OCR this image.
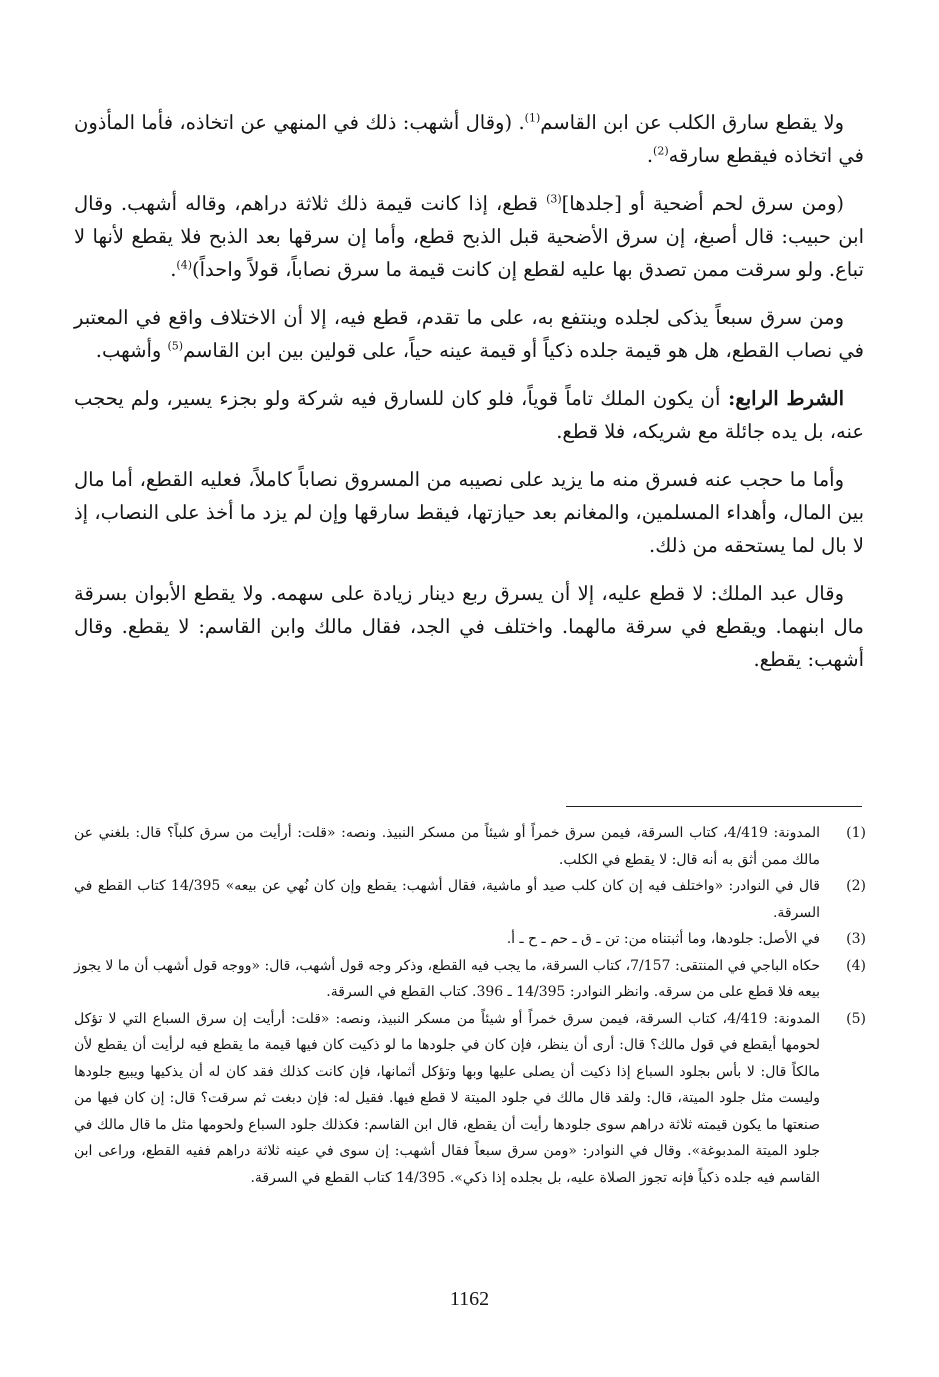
ولا يقطع سارق الكلب عن ابن القاسم$^{(1)}$. (وقال أشهب: ذلك في المنهي عن اتخاذه، فأما المأذون في اتخاذه فيقطع سارقه$^{(2)}$.

(ومن سرق لحم أضحية أو [جلدها]$^{(3)}$ قطع، إذا كانت قيمة ذلك ثلاثة دراهم، وقاله أشهب. وقال ابن حبيب: قال أصبغ، إن سرق الأضحية قبل الذبح قطع، وأما إن سرقها بعد الذبح فلا يقطع لأنها لا تباع. ولو سرقت ممن تصدق بها عليه لقطع إن كانت قيمة ما سرق نصاباً، قولاً واحداً)$^{(4)}$.

ومن سرق سبعاً يذكى لجلده وينتفع به، على ما تقدم، قطع فيه، إلا أن الاختلاف واقع في المعتبر في نصاب القطع، هل هو قيمة جلده ذكياً أو قيمة عينه حياً، على قولين بين ابن القاسم$^{(5)}$ وأشهب.

الشرط الرابع: أن يكون الملك تاماً قوياً، فلو كان للسارق فيه شركة ولو بجزء يسير، ولم يحجب عنه، بل يده جائلة مع شريكه، فلا قطع.

وأما ما حجب عنه فسرق منه ما يزيد على نصيبه من المسروق نصاباً كاملاً، فعليه القطع، أما مال بين المال، وأهداء المسلمين، والمغانم بعد حيازتها، فيقط سارقها وإن لم يزد ما أخذ على النصاب، إذ لا بال لما يستحقه من ذلك.

وقال عبد الملك: لا قطع عليه، إلا أن يسرق ربع دينار زيادة على سهمه. ولا يقطع الأبوان بسرقة مال ابنهما. ويقطع في سرقة مالهما. واختلف في الجد، فقال مالك وابن القاسم: لا يقطع. وقال أشهب: يقطع.

(1)
المدونة: 4/419، كتاب السرقة، فيمن سرق خمراً أو شيئاً من مسكر النبيذ. ونصه: «قلت: أرأيت من سرق كلباً؟ قال: بلغني عن مالك ممن أثق به أنه قال: لا يقطع في الكلب.
(2)
قال في النوادر: «واختلف فيه إن كان كلب صيد أو ماشية، فقال أشهب: يقطع وإن كان نُهي عن بيعه» 14/395 كتاب القطع في السرقة.
(3)
في الأصل: جلودها، وما أثبتناه من: تن ـ ق ـ حم ـ ح ـ أ.
(4)
حكاه الباجي في المنتقى: 7/157، كتاب السرقة، ما يجب فيه القطع، وذكر وجه قول أشهب، قال: «ووجه قول أشهب أن ما لا يجوز بيعه فلا قطع على من سرقه. وانظر النوادر: 14/395 ـ 396. كتاب القطع في السرقة.
(5)
المدونة: 4/419، كتاب السرقة، فيمن سرق خمراً أو شيئاً من مسكر النبيذ، ونصه: «قلت: أرأيت إن سرق السباع التي لا تؤكل لحومها أيقطع في قول مالك؟ قال: أرى أن ينظر، فإن كان في جلودها ما لو ذكيت كان فيها قيمة ما يقطع فيه لرأيت أن يقطع لأن مالكاً قال: لا بأس بجلود السباع إذا ذكيت أن يصلى عليها وبها وتؤكل أثمانها، فإن كانت كذلك فقد كان له أن يذكيها ويبيع جلودها وليست مثل جلود الميتة، قال: ولقد قال مالك في جلود الميتة لا قطع فيها. فقيل له: فإن دبغت ثم سرقت؟ قال: إن كان فيها من صنعتها ما يكون قيمته ثلاثة دراهم سوى جلودها رأيت أن يقطع، قال ابن القاسم: فكذلك جلود السباع ولحومها مثل ما قال مالك في جلود الميتة المدبوغة». وقال في النوادر: «ومن سرق سبعاً فقال أشهب: إن سوى في عينه ثلاثة دراهم ففيه القطع، وراعى ابن القاسم فيه جلده ذكياً فإنه تجوز الصلاة عليه، بل بجلده إذا ذكي». 14/395 كتاب القطع في السرقة.
1162
